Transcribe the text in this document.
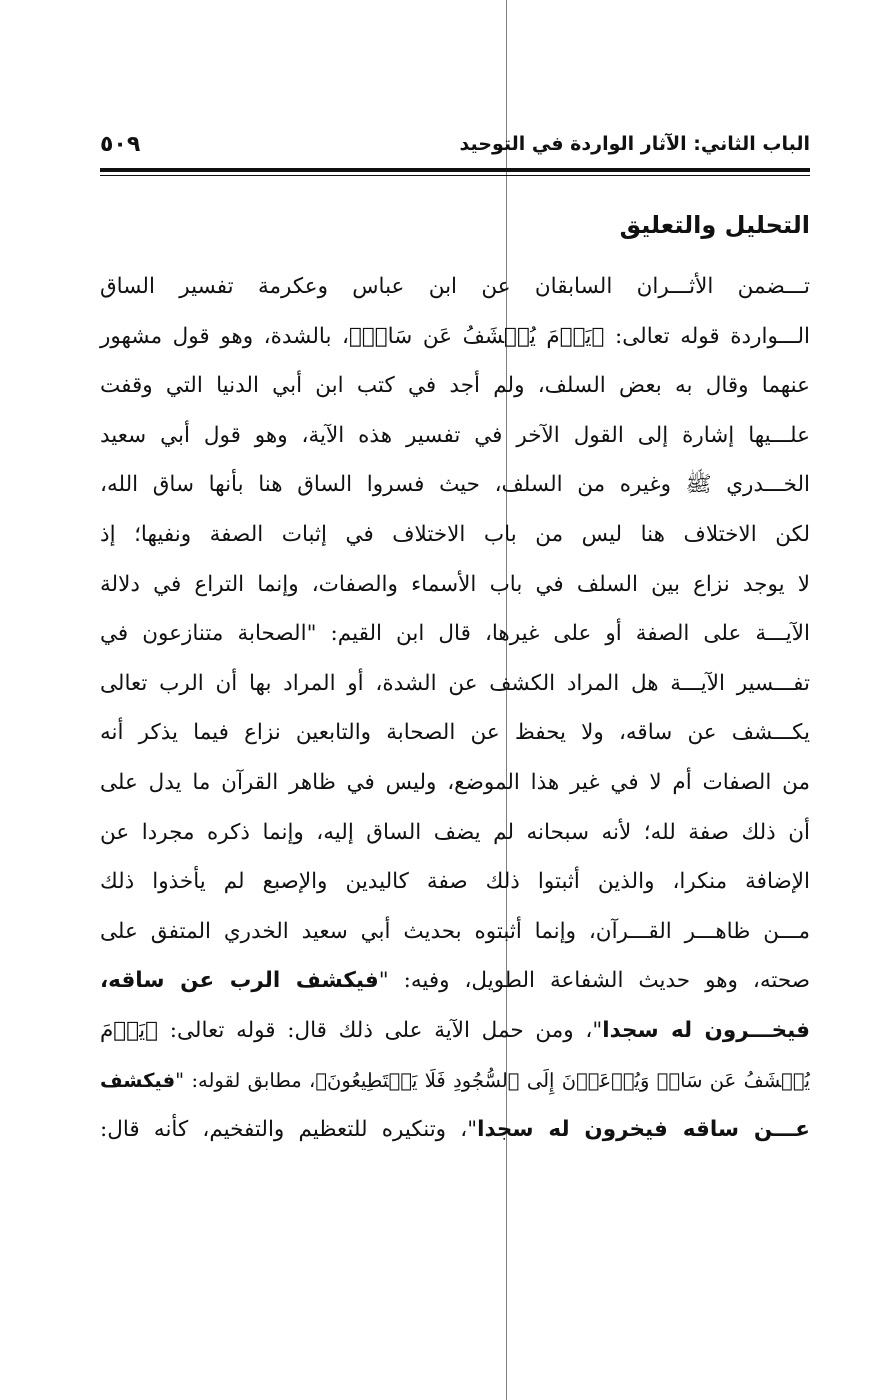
الباب الثاني: الآثار الواردة في التوحيد
٥٠٩
التحليل والتعليق
تـــضمن الأثـــران السابقان عن ابن عباس وعكرمة تفسير الساق
الـــواردة قوله تعالى: ﴿يَوۡمَ يُكۡشَفُ عَن سَاقٖ﴾، بالشدة، وهو قول مشهور
عنهما وقال به بعض السلف، ولم أجد في كتب ابن أبي الدنيا التي وقفت
علـــيها إشارة إلى القول الآخر في تفسير هذه الآية، وهو قول أبي سعيد
الخـــدري ﷺ وغيره من السلف، حيث فسروا الساق هنا بأنها ساق الله،
لكن الاختلاف هنا ليس من باب الاختلاف في إثبات الصفة ونفيها؛ إذ
لا يوجد نزاع بين السلف في باب الأسماء والصفات، وإنما التراع في دلالة
الآيـــة على الصفة أو على غيرها، قال ابن القيم: "الصحابة متنازعون في
تفـــسير الآيـــة هل المراد الكشف عن الشدة، أو المراد بها أن الرب تعالى
يكـــشف عن ساقه، ولا يحفظ عن الصحابة والتابعين نزاع فيما يذكر أنه
من الصفات أم لا في غير هذا الموضع، وليس في ظاهر القرآن ما يدل على
أن ذلك صفة لله؛ لأنه سبحانه لم يضف الساق إليه، وإنما ذكره مجردا عن
الإضافة منكرا، والذين أثبتوا ذلك صفة كاليدين والإصبع لم يأخذوا ذلك
مـــن ظاهـــر القـــرآن، وإنما أثبتوه بحديث أبي سعيد الخدري المتفق على
صحته، وهو حديث الشفاعة الطويل، وفيه: "فيكشف الرب عن ساقه،
فيخـــرون له سجدا"، ومن حمل الآية على ذلك قال: قوله تعالى: ﴿يَوۡمَ
يُكۡشَفُ عَن سَاقٖ وَيُدۡعَوۡنَ إِلَى ٱلسُّجُودِ فَلَا يَسۡتَطِيعُونَ﴾، مطابق لقوله: "فيكشف
عـــن ساقه فيخرون له سجدا"، وتنكيره للتعظيم والتفخيم، كأنه قال:
